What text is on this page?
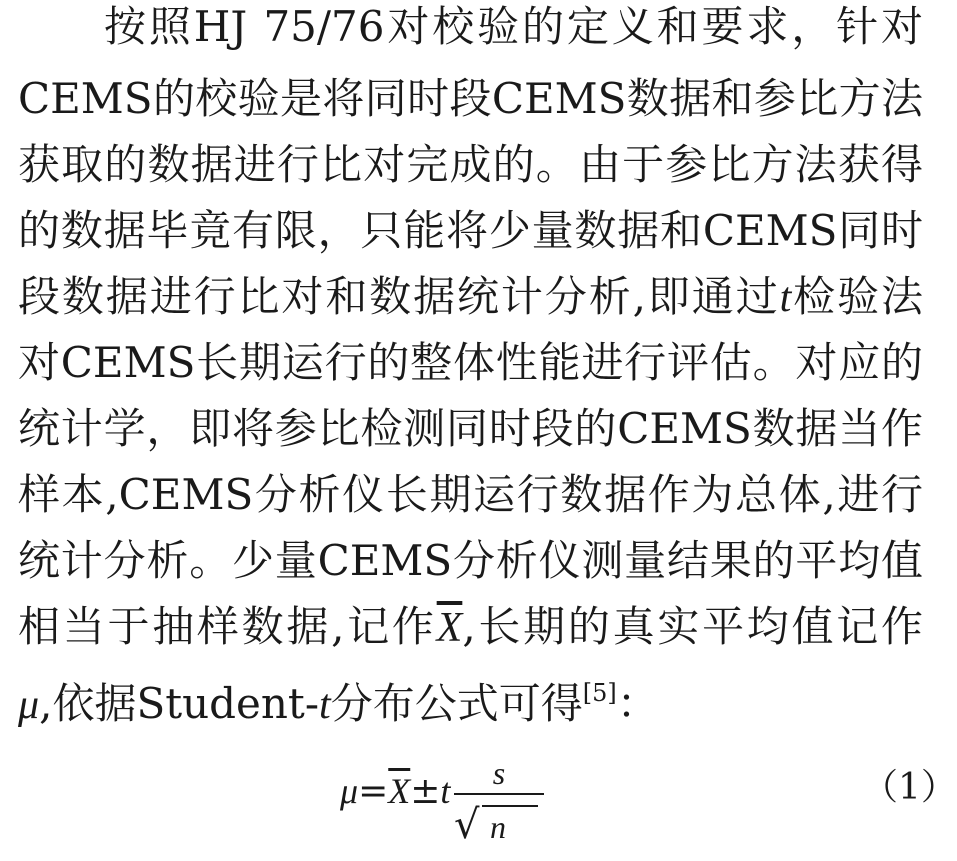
按照HJ 75/76对校验的定义和要求，针对
CEMS的校验是将同时段CEMS数据和参比方法
获取的数据进行比对完成的。由于参比方法获得
的数据毕竟有限，只能将少量数据和CEMS同时
段数据进行比对和数据统计分析,即通过t检验法
对CEMS长期运行的整体性能进行评估。对应的
统计学，即将参比检测同时段的CEMS数据当作
样本,CEMS分析仪长期运行数据作为总体,进行
统计分析。少量CEMS分析仪测量结果的平均值
相当于抽样数据,记作$\overline{X}$,长期的真实平均值记作
μ,依据Student-t分布公式可得[5]：
$\mu=\overline{X}\pm t$	s
√ n
（1）
